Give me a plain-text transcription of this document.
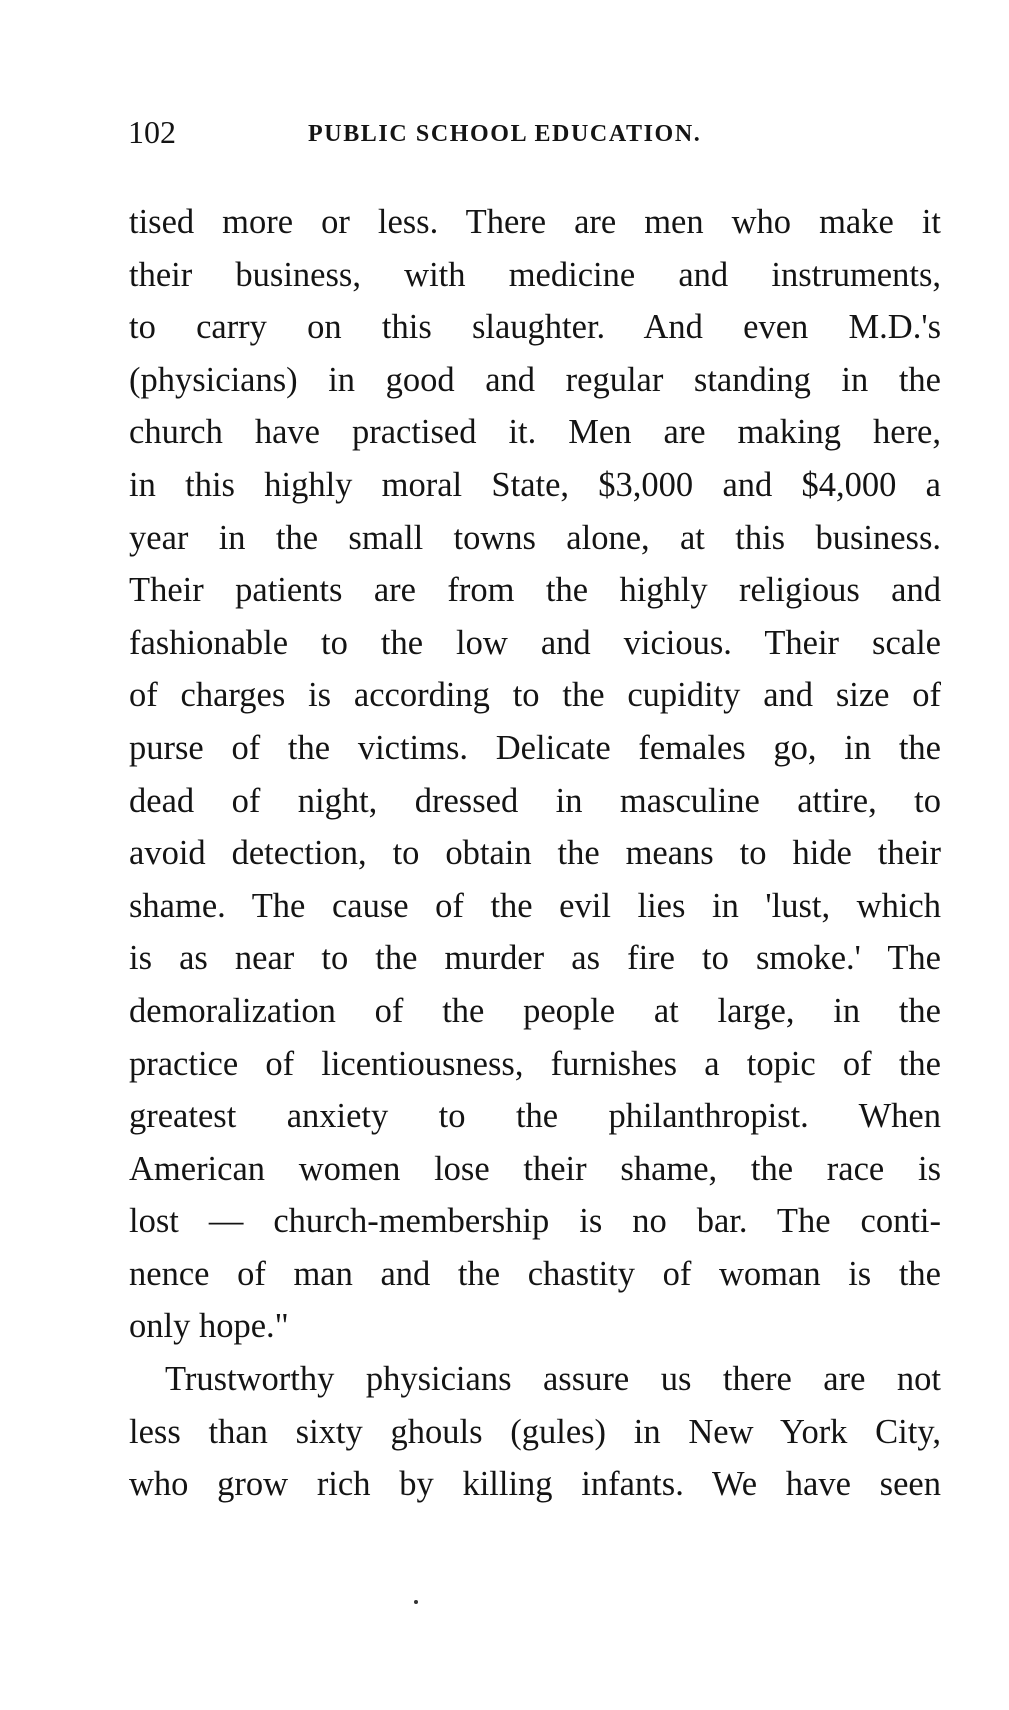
102	PUBLIC SCHOOL EDUCATION.
tised more or less. There are men who make it
their business, with medicine and instruments,
to carry on this slaughter. And even M.D.'s
(physicians) in good and regular standing in the
church have practised it. Men are making here,
in this highly moral State, $3,000 and $4,000 a
year in the small towns alone, at this business.
Their patients are from the highly religious and
fashionable to the low and vicious. Their scale
of charges is according to the cupidity and size of
purse of the victims. Delicate females go, in the
dead of night, dressed in masculine attire, to
avoid detection, to obtain the means to hide their
shame. The cause of the evil lies in 'lust, which
is as near to the murder as fire to smoke.' The
demoralization of the people at large, in the
practice of licentiousness, furnishes a topic of the
greatest anxiety to the philanthropist. When
American women lose their shame, the race is
lost — church-membership is no bar. The conti-
nence of man and the chastity of woman is the
only hope."
Trustworthy physicians assure us there are not
less than sixty ghouls (gules) in New York City,
who grow rich by killing infants. We have seen
